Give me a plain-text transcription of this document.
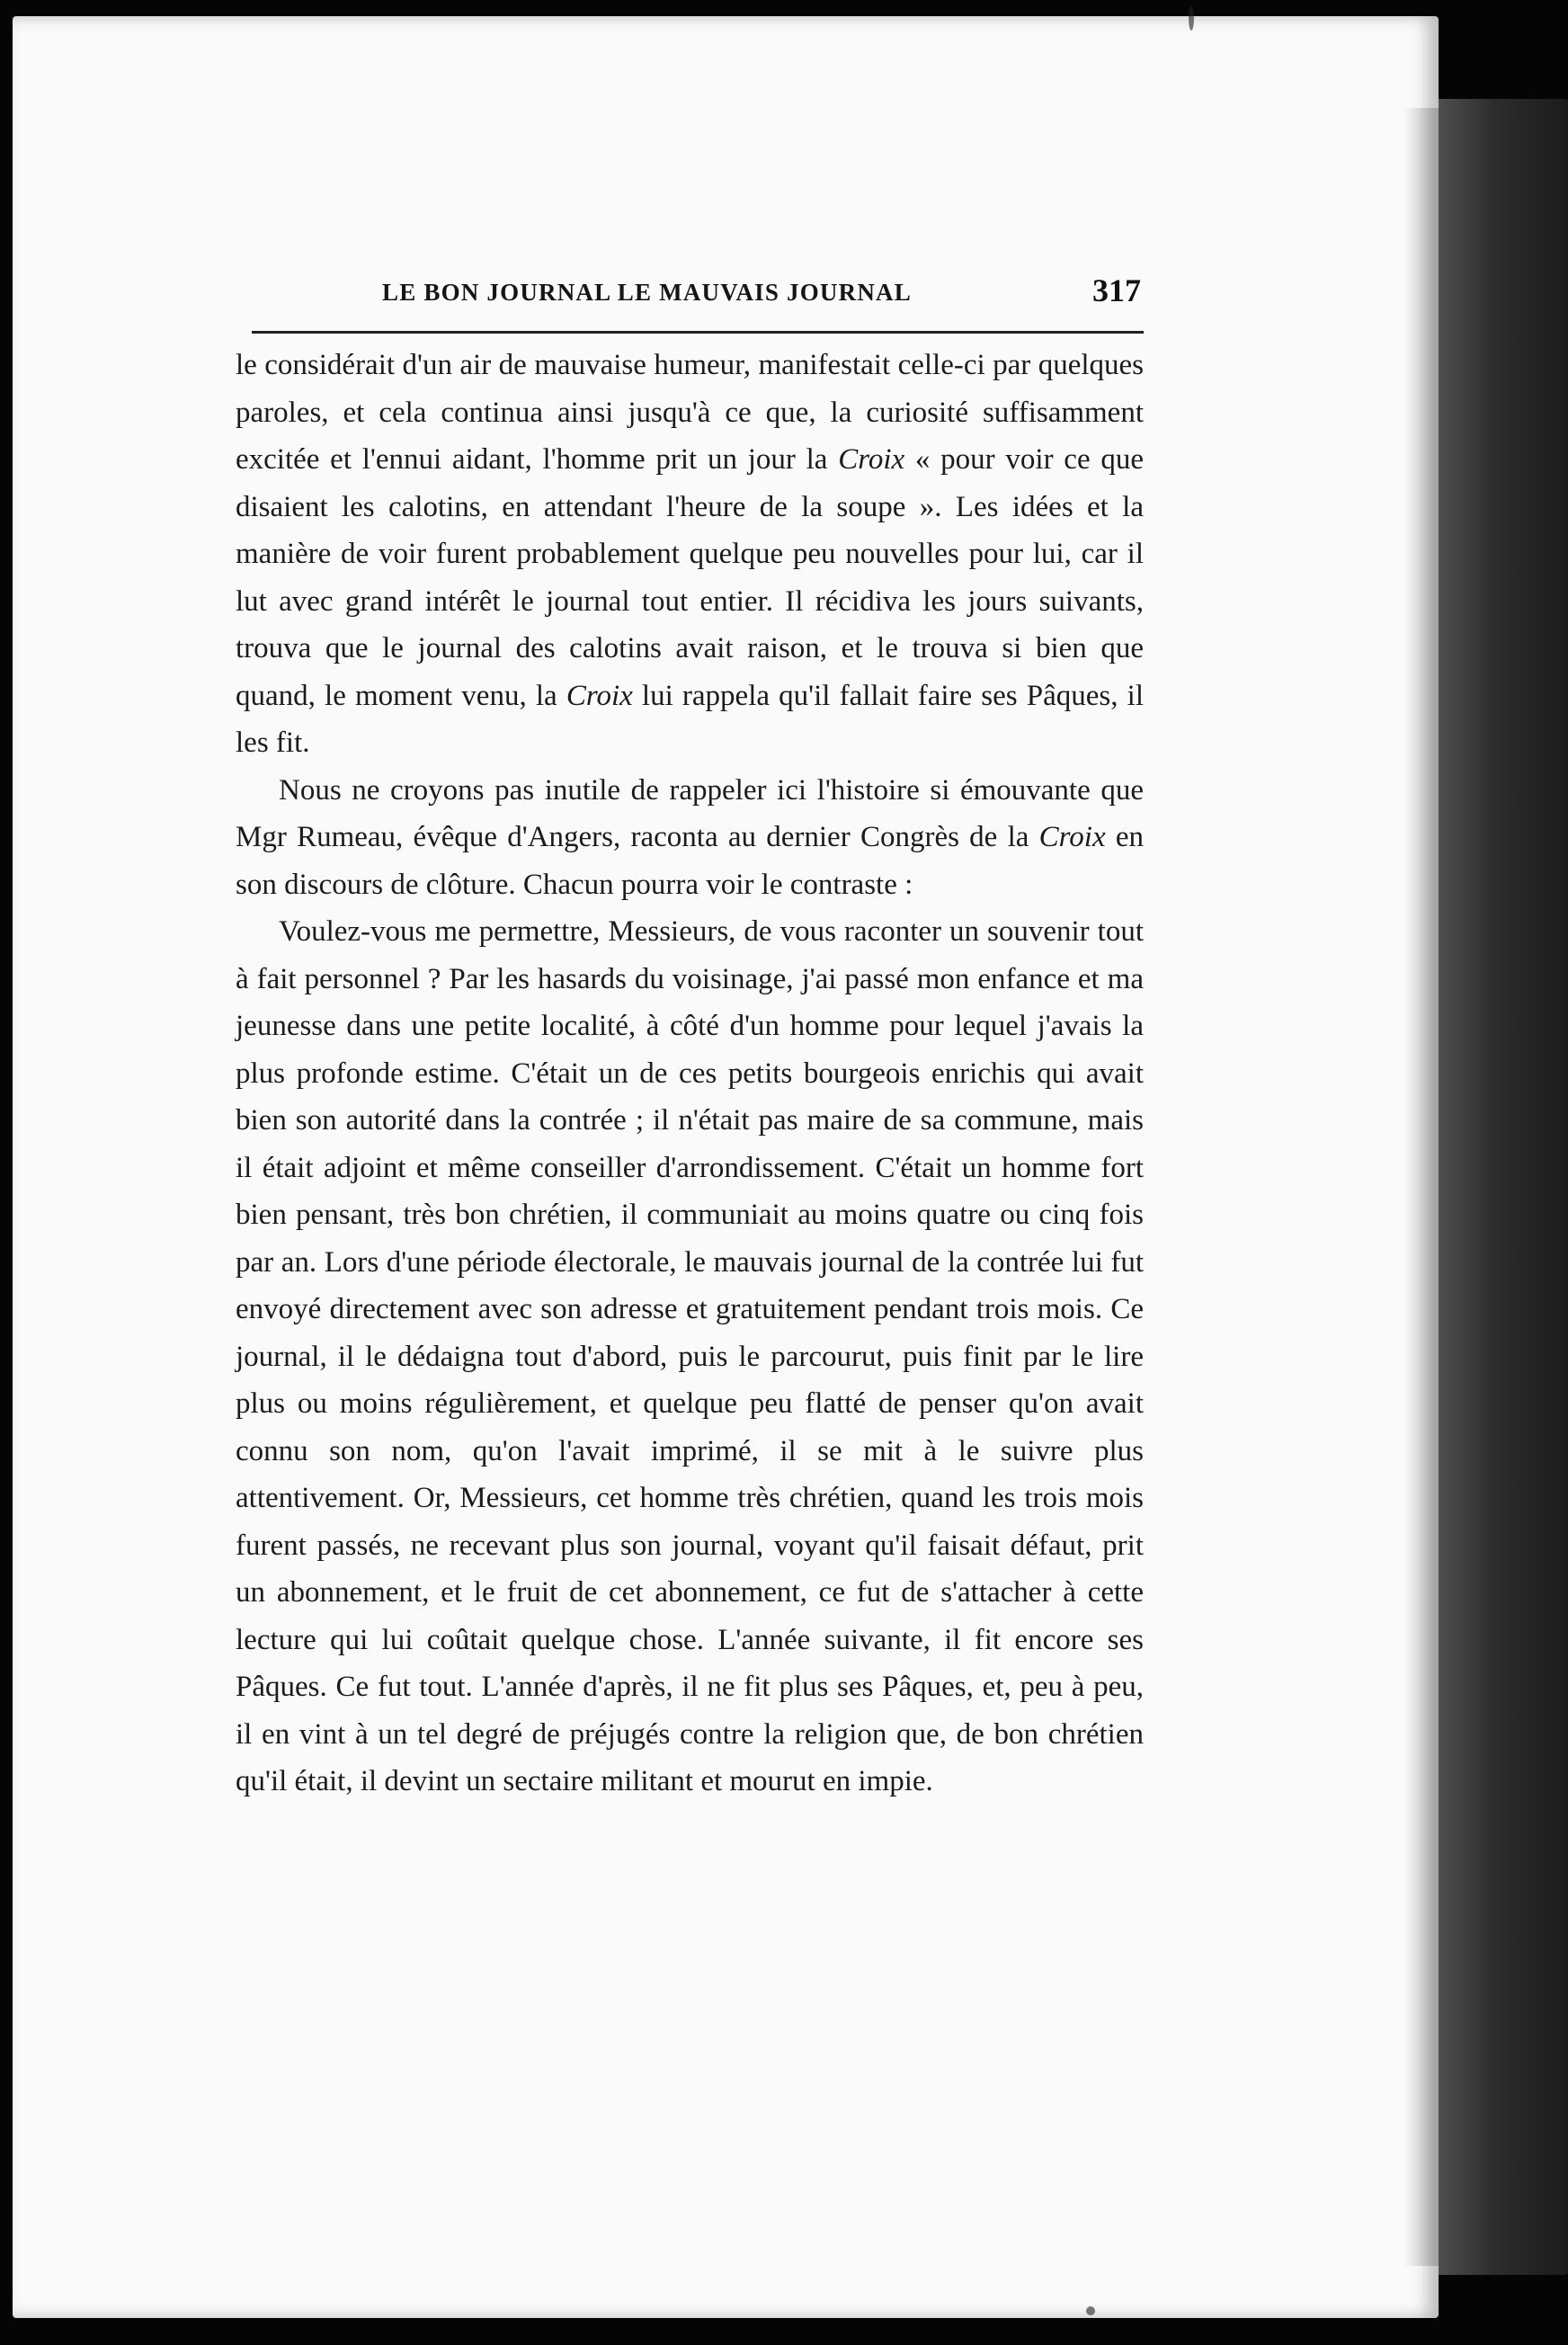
LE BON JOURNAL LE MAUVAIS JOURNAL	317

le considérait d'un air de mauvaise humeur, manifestait celle-ci par quelques paroles, et cela continua ainsi jusqu'à ce que, la curiosité suffisamment excitée et l'ennui aidant, l'homme prit un jour la Croix « pour voir ce que disaient les calotins, en attendant l'heure de la soupe ». Les idées et la manière de voir furent probablement quelque peu nouvelles pour lui, car il lut avec grand intérêt le journal tout entier. Il récidiva les jours suivants, trouva que le journal des calotins avait raison, et le trouva si bien que quand, le moment venu, la Croix lui rappela qu'il fallait faire ses Pâques, il les fit.

Nous ne croyons pas inutile de rappeler ici l'histoire si émouvante que Mgr Rumeau, évêque d'Angers, raconta au dernier Congrès de la Croix en son discours de clôture. Chacun pourra voir le contraste :

Voulez-vous me permettre, Messieurs, de vous raconter un souvenir tout à fait personnel ? Par les hasards du voisinage, j'ai passé mon enfance et ma jeunesse dans une petite localité, à côté d'un homme pour lequel j'avais la plus profonde estime. C'était un de ces petits bourgeois enrichis qui avait bien son autorité dans la contrée ; il n'était pas maire de sa commune, mais il était adjoint et même conseiller d'arrondissement. C'était un homme fort bien pensant, très bon chrétien, il communiait au moins quatre ou cinq fois par an. Lors d'une période électorale, le mauvais journal de la contrée lui fut envoyé directement avec son adresse et gratuitement pendant trois mois. Ce journal, il le dédaigna tout d'abord, puis le parcourut, puis finit par le lire plus ou moins régulièrement, et quelque peu flatté de penser qu'on avait connu son nom, qu'on l'avait imprimé, il se mit à le suivre plus attentivement. Or, Messieurs, cet homme très chrétien, quand les trois mois furent passés, ne recevant plus son journal, voyant qu'il faisait défaut, prit un abonnement, et le fruit de cet abonnement, ce fut de s'attacher à cette lecture qui lui coûtait quelque chose. L'année suivante, il fit encore ses Pâques. Ce fut tout. L'année d'après, il ne fit plus ses Pâques, et, peu à peu, il en vint à un tel degré de préjugés contre la religion que, de bon chrétien qu'il était, il devint un sectaire militant et mourut en impie.
